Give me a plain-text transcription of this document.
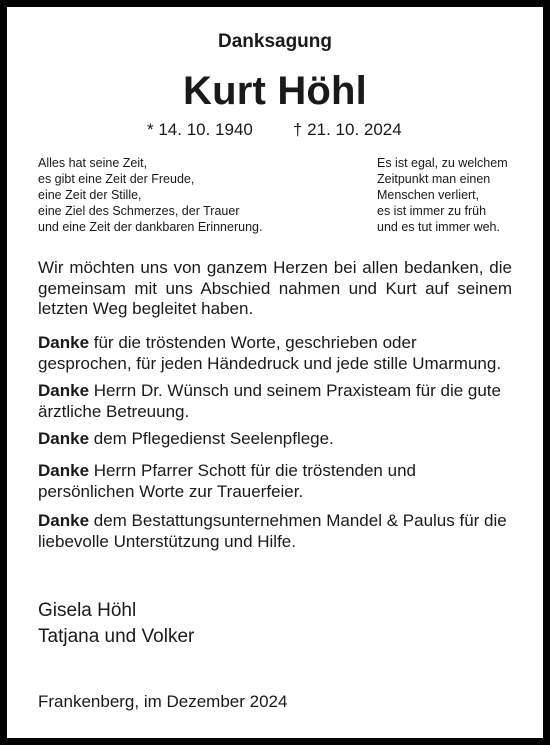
Danksagung
Kurt Höhl
* 14. 10. 1940 † 21. 10. 2024
Alles hat seine Zeit,
es gibt eine Zeit der Freude,
eine Zeit der Stille,
eine Ziel des Schmerzes, der Trauer
und eine Zeit der dankbaren Erinnerung.
Es ist egal, zu welchem
Zeitpunkt man einen
Menschen verliert,
es ist immer zu früh
und es tut immer weh.
Wir möchten uns von ganzem Herzen bei allen bedanken, die gemeinsam mit uns Abschied nahmen und Kurt auf seinem letzten Weg begleitet haben.
Danke für die tröstenden Worte, geschrieben oder
gesprochen, für jeden Händedruck und jede stille Umarmung.
Danke Herrn Dr. Wünsch und seinem Praxisteam für die gute
ärztliche Betreuung.
Danke dem Pflegedienst Seelenpflege.
Danke Herrn Pfarrer Schott für die tröstenden und
persönlichen Worte zur Trauerfeier.
Danke dem Bestattungsunternehmen Mandel & Paulus für die
liebevolle Unterstützung und Hilfe.
Gisela Höhl
Tatjana und Volker
Frankenberg, im Dezember 2024
